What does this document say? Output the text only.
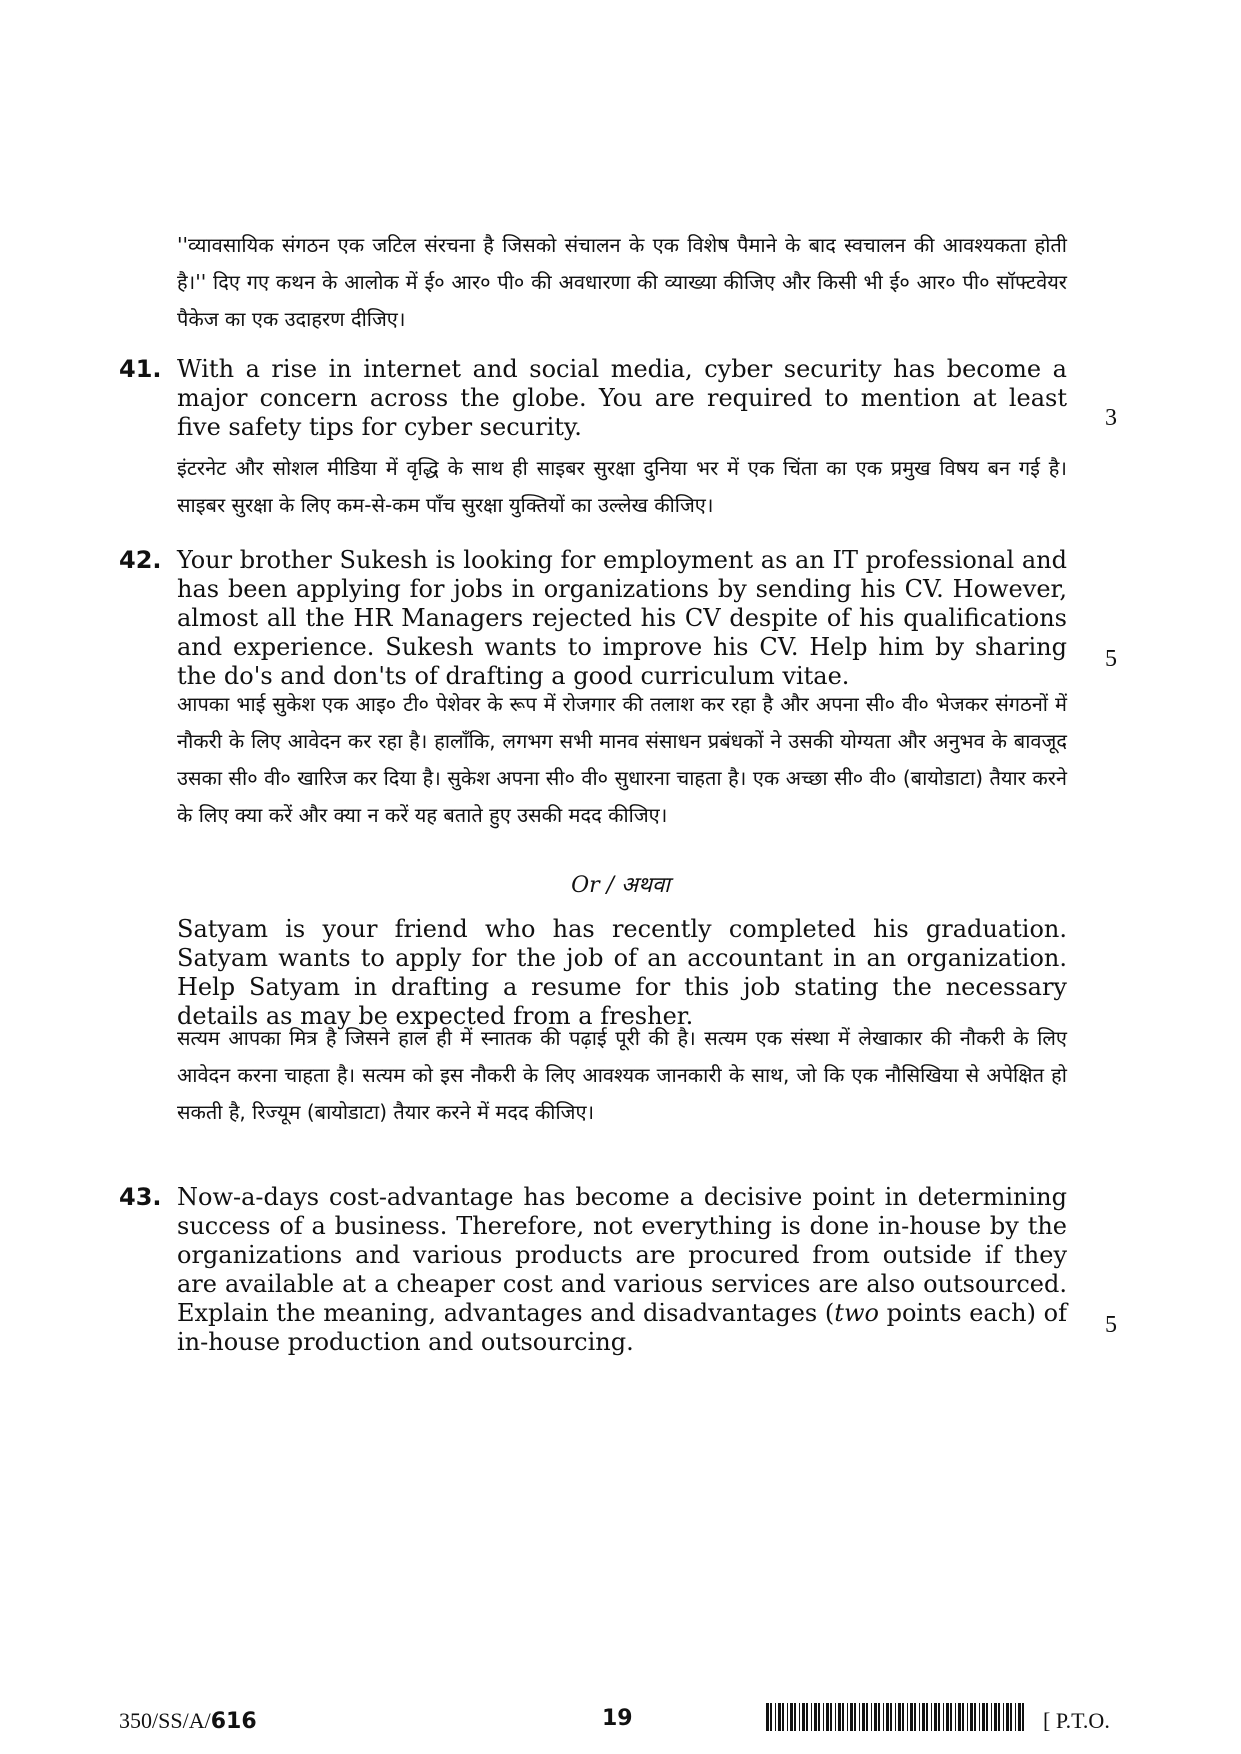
''व्यावसायिक संगठन एक जटिल संरचना है जिसको संचालन के एक विशेष पैमाने के बाद स्वचालन की आवश्यकता होती है।'' दिए गए कथन के आलोक में ई० आर० पी० की अवधारणा की व्याख्या कीजिए और किसी भी ई० आर० पी० सॉफ्टवेयर पैकेज का एक उदाहरण दीजिए।
41. With a rise in internet and social media, cyber security has become a major concern across the globe. You are required to mention at least five safety tips for cyber security.	3
इंटरनेट और सोशल मीडिया में वृद्धि के साथ ही साइबर सुरक्षा दुनिया भर में एक चिंता का एक प्रमुख विषय बन गई है। साइबर सुरक्षा के लिए कम-से-कम पाँच सुरक्षा युक्तियों का उल्लेख कीजिए।
42. Your brother Sukesh is looking for employment as an IT professional and has been applying for jobs in organizations by sending his CV. However, almost all the HR Managers rejected his CV despite of his qualifications and experience. Sukesh wants to improve his CV. Help him by sharing the do's and don'ts of drafting a good curriculum vitae.
5
आपका भाई सुकेश एक आइ० टी० पेशेवर के रूप में रोजगार की तलाश कर रहा है और अपना सी० वी० भेजकर संगठनों में नौकरी के लिए आवेदन कर रहा है। हालाँकि, लगभग सभी मानव संसाधन प्रबंधकों ने उसकी योग्यता और अनुभव के बावजूद उसका सी० वी० खारिज कर दिया है। सुकेश अपना सी० वी० सुधारना चाहता है। एक अच्छा सी० वी० (बायोडाटा) तैयार करने के लिए क्या करें और क्या न करें यह बताते हुए उसकी मदद कीजिए।
Or / अथवा
Satyam is your friend who has recently completed his graduation. Satyam wants to apply for the job of an accountant in an organization. Help Satyam in drafting a resume for this job stating the necessary details as may be expected from a fresher.
सत्यम आपका मित्र है जिसने हाल ही में स्नातक की पढ़ाई पूरी की है। सत्यम एक संस्था में लेखाकार की नौकरी के लिए आवेदन करना चाहता है। सत्यम को इस नौकरी के लिए आवश्यक जानकारी के साथ, जो कि एक नौसिखिया से अपेक्षित हो सकती है, रिज्यूम (बायोडाटा) तैयार करने में मदद कीजिए।
43. Now-a-days cost-advantage has become a decisive point in determining success of a business. Therefore, not everything is done in-house by the organizations and various products are procured from outside if they are available at a cheaper cost and various services are also outsourced. Explain the meaning, advantages and disadvantages (two points each) of in-house production and outsourcing.
5
350/SS/A/616	19	[ P.T.O.
